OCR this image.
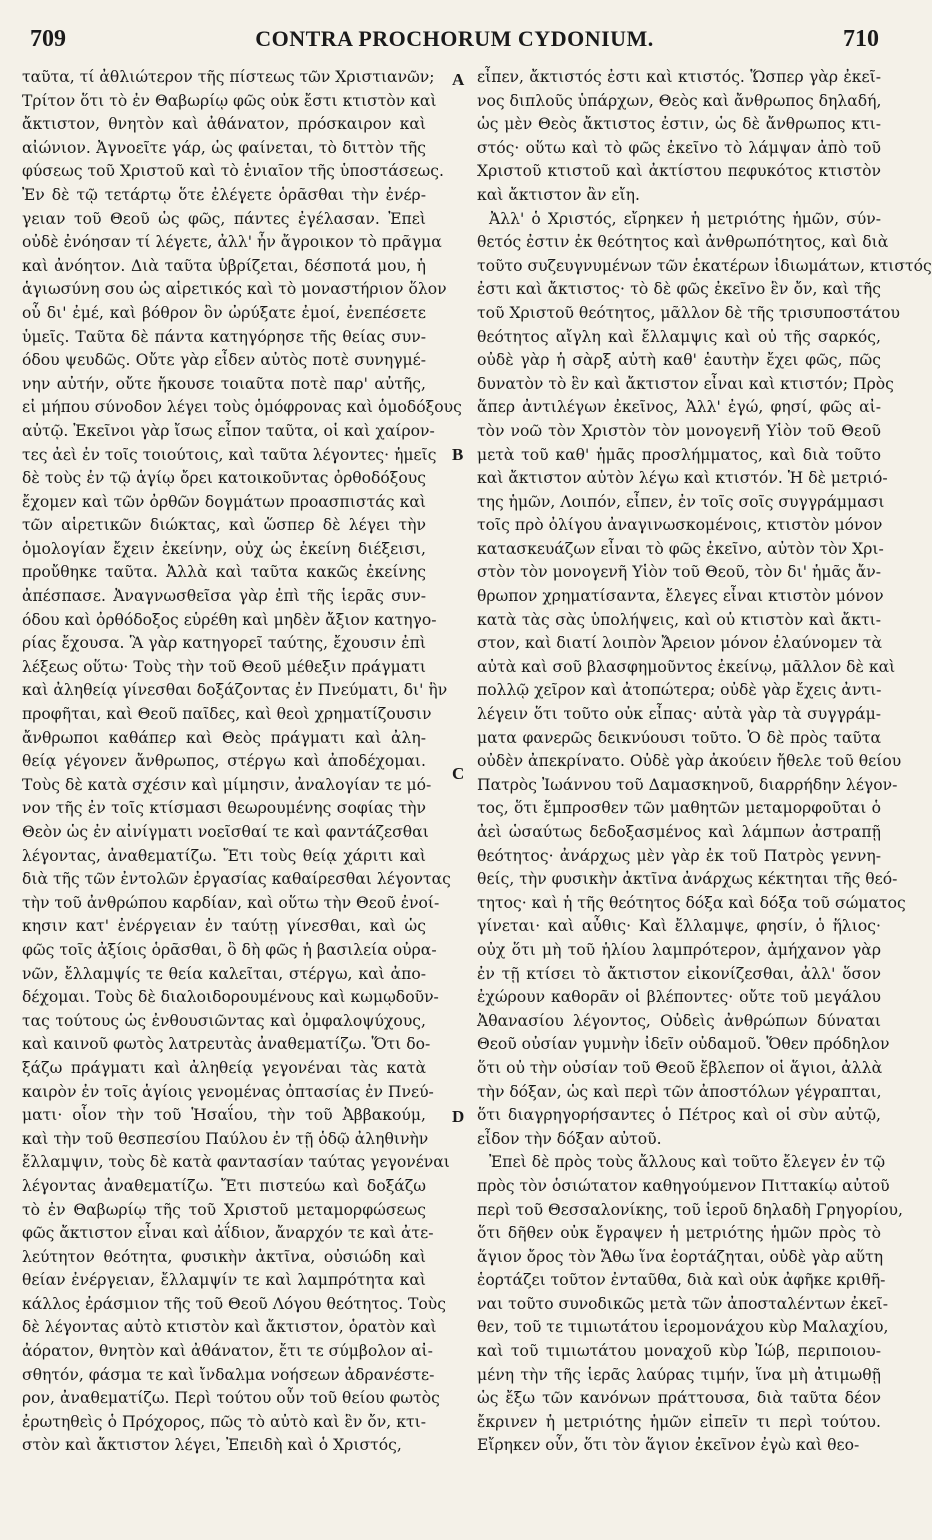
709	CONTRA PROCHORUM CYDONIUM.	710
ταῦτα, τί ἀθλιώτερον τῆς πίστεως τῶν Χριστιανῶν;
Τρίτον ὅτι τὸ ἐν Θαβωρίῳ φῶς οὐκ ἔστι κτιστὸν καὶ
ἄκτιστον, θνητὸν καὶ ἀθάνατον, πρόσκαιρον καὶ
αἰώνιον. Ἀγνοεῖτε γάρ, ὡς φαίνεται, τὸ διττὸν τῆς
φύσεως τοῦ Χριστοῦ καὶ τὸ ἑνιαῖον τῆς ὑποστάσεως.
Ἐν δὲ τῷ τετάρτῳ ὅτε ἐλέγετε ὁρᾶσθαι τὴν ἐνέρ-
γειαν τοῦ Θεοῦ ὡς φῶς, πάντες ἐγέλασαν. Ἐπεὶ
οὐδὲ ἐνόησαν τί λέγετε, ἀλλ' ἦν ἄγροικον τὸ πρᾶγμα
καὶ ἀνόητον. Διὰ ταῦτα ὑβρίζεται, δέσποτά μου, ἡ
ἁγιωσύνη σου ὡς αἱρετικός καὶ τὸ μοναστήριον ὅλον
οὗ δι' ἐμέ, καὶ βόθρον ὃν ὠρύξατε ἐμοί, ἐνεπέσετε
ὑμεῖς. Ταῦτα δὲ πάντα κατηγόρησε τῆς θείας συν-
όδου ψευδῶς. Οὔτε γὰρ εἶδεν αὐτὸς ποτὲ συνηγμέ-
νην αὐτήν, οὔτε ἤκουσε τοιαῦτα ποτὲ παρ' αὐτῆς,
εἰ μήπου σύνοδον λέγει τοὺς ὁμόφρονας καὶ ὁμοδόξους
αὐτῷ. Ἐκεῖνοι γὰρ ἴσως εἶπον ταῦτα, οἱ καὶ χαίρον-
τες ἀεὶ ἐν τοῖς τοιούτοις, καὶ ταῦτα λέγοντες· ἡμεῖς
δὲ τοὺς ἐν τῷ ἁγίῳ ὄρει κατοικοῦντας ὀρθοδόξους
ἔχομεν καὶ τῶν ὀρθῶν δογμάτων προασπιστάς καὶ
τῶν αἱρετικῶν διώκτας, καὶ ὥσπερ δὲ λέγει τὴν
ὁμολογίαν ἔχειν ἐκείνην, οὐχ ὡς ἐκείνη διέξεισι,
προὔθηκε ταῦτα. Ἀλλὰ καὶ ταῦτα κακῶς ἐκείνης
ἀπέσπασε. Ἀναγνωσθεῖσα γὰρ ἐπὶ τῆς ἱερᾶς συν-
όδου καὶ ὀρθόδοξος εὑρέθη καὶ μηδὲν ἄξιον κατηγο-
ρίας ἔχουσα. Ἃ γὰρ κατηγορεῖ ταύτης, ἔχουσιν ἐπὶ
λέξεως οὕτω· Τοὺς τὴν τοῦ Θεοῦ μέθεξιν πράγματι
καὶ ἀληθείᾳ γίνεσθαι δοξάζοντας ἐν Πνεύματι, δι' ἣν
προφῆται, καὶ Θεοῦ παῖδες, καὶ θεοὶ χρηματίζουσιν
ἄνθρωποι καθάπερ καὶ Θεὸς πράγματι καὶ ἀλη-
θείᾳ γέγονεν ἄνθρωπος, στέργω καὶ ἀποδέχομαι.
Τοὺς δὲ κατὰ σχέσιν καὶ μίμησιν, ἀναλογίαν τε μό-
νον τῆς ἐν τοῖς κτίσμασι θεωρουμένης σοφίας τὴν
Θεὸν ὡς ἐν αἰνίγματι νοεῖσθαί τε καὶ φαντάζεσθαι
λέγοντας, ἀναθεματίζω. Ἔτι τοὺς θείᾳ χάριτι καὶ
διὰ τῆς τῶν ἐντολῶν ἐργασίας καθαίρεσθαι λέγοντας
τὴν τοῦ ἀνθρώπου καρδίαν, καὶ οὕτω τὴν Θεοῦ ἐνοί-
κησιν κατ' ἐνέργειαν ἐν ταύτῃ γίνεσθαι, καὶ ὡς
φῶς τοῖς ἀξίοις ὁρᾶσθαι, ὃ δὴ φῶς ἡ βασιλεία οὐρα-
νῶν, ἔλλαμψίς τε θεία καλεῖται, στέργω, καὶ ἀπο-
δέχομαι. Τοὺς δὲ διαλοιδορουμένους καὶ κωμῳδοῦν-
τας τούτους ὡς ἐνθουσιῶντας καὶ ὀμφαλοψύχους,
καὶ καινοῦ φωτὸς λατρευτὰς ἀναθεματίζω. Ὅτι δο-
ξάζω πράγματι καὶ ἀληθείᾳ γεγονέναι τὰς κατὰ
καιρὸν ἐν τοῖς ἁγίοις γενομένας ὀπτασίας ἐν Πνεύ-
ματι· οἷον τὴν τοῦ Ἡσαΐου, τὴν τοῦ Ἀββακούμ,
καὶ τὴν τοῦ θεσπεσίου Παύλου ἐν τῇ ὁδῷ ἀληθινὴν
ἔλλαμψιν, τοὺς δὲ κατὰ φαντασίαν ταύτας γεγονέναι
λέγοντας ἀναθεματίζω. Ἔτι πιστεύω καὶ δοξάζω
τὸ ἐν Θαβωρίῳ τῆς τοῦ Χριστοῦ μεταμορφώσεως
φῶς ἄκτιστον εἶναι καὶ ἀΐδιον, ἄναρχόν τε καὶ ἀτε-
λεύτητον θεότητα, φυσικὴν ἀκτῖνα, οὐσιώδη καὶ
θείαν ἐνέργειαν, ἔλλαμψίν τε καὶ λαμπρότητα καὶ
κάλλος ἐράσμιον τῆς τοῦ Θεοῦ Λόγου θεότητος. Τοὺς
δὲ λέγοντας αὐτὸ κτιστὸν καὶ ἄκτιστον, ὁρατὸν καὶ
ἀόρατον, θνητὸν καὶ ἀθάνατον, ἔτι τε σύμβολον αἰ-
σθητόν, φάσμα τε καὶ ἴνδαλμα νοήσεων ἀδρανέστε-
ρον, ἀναθεματίζω. Περὶ τούτου οὖν τοῦ θείου φωτὸς
ἐρωτηθεὶς ὁ Πρόχορος, πῶς τὸ αὐτὸ καὶ ἓν ὄν, κτι-
στὸν καὶ ἄκτιστον λέγει, Ἐπειδὴ καὶ ὁ Χριστός,
εἶπεν, ἄκτιστός ἐστι καὶ κτιστός. Ὥσπερ γὰρ ἐκεῖ-
νος διπλοῦς ὑπάρχων, Θεὸς καὶ ἄνθρωπος δηλαδή,
ὡς μὲν Θεὸς ἄκτιστος ἐστιν, ὡς δὲ ἄνθρωπος κτι-
στός· οὕτω καὶ τὸ φῶς ἐκεῖνο τὸ λάμψαν ἀπὸ τοῦ
Χριστοῦ κτιστοῦ καὶ ἀκτίστου πεφυκότος κτιστὸν
καὶ ἄκτιστον ἂν εἴη.
Ἀλλ' ὁ Χριστός, εἴρηκεν ἡ μετριότης ἡμῶν, σύν-
θετός ἐστιν ἐκ θεότητος καὶ ἀνθρωπότητος, καὶ διὰ
τοῦτο συζευγνυμένων τῶν ἑκατέρων ἰδιωμάτων, κτιστός
ἐστι καὶ ἄκτιστος· τὸ δὲ φῶς ἐκεῖνο ἓν ὄν, καὶ τῆς
τοῦ Χριστοῦ θεότητος, μᾶλλον δὲ τῆς τρισυποστάτου
θεότητος αἴγλη καὶ ἔλλαμψις καὶ οὐ τῆς σαρκός,
οὐδὲ γὰρ ἡ σὰρξ αὐτὴ καθ' ἑαυτὴν ἔχει φῶς, πῶς
δυνατὸν τὸ ἓν καὶ ἄκτιστον εἶναι καὶ κτιστόν; Πρὸς
ἅπερ ἀντιλέγων ἐκεῖνος, Ἀλλ' ἐγώ, φησί, φῶς αἰ-
τὸν νοῶ τὸν Χριστὸν τὸν μονογενῆ Υἱὸν τοῦ Θεοῦ
μετὰ τοῦ καθ' ἡμᾶς προσλήμματος, καὶ διὰ τοῦτο
καὶ ἄκτιστον αὐτὸν λέγω καὶ κτιστόν. Ἡ δὲ μετριό-
της ἡμῶν, Λοιπόν, εἶπεν, ἐν τοῖς σοῖς συγγράμμασι
τοῖς πρὸ ὀλίγου ἀναγινωσκομένοις, κτιστὸν μόνον
κατασκευάζων εἶναι τὸ φῶς ἐκεῖνο, αὐτὸν τὸν Χρι-
στὸν τὸν μονογενῆ Υἱὸν τοῦ Θεοῦ, τὸν δι' ἡμᾶς ἄν-
θρωπον χρηματίσαντα, ἔλεγες εἶναι κτιστὸν μόνον
κατὰ τὰς σὰς ὑπολήψεις, καὶ οὐ κτιστὸν καὶ ἄκτι-
στον, καὶ διατί λοιπὸν Ἄρειον μόνον ἐλαύνομεν τὰ
αὐτὰ καὶ σοῦ βλασφημοῦντος ἐκείνῳ, μᾶλλον δὲ καὶ
πολλῷ χεῖρον καὶ ἀτοπώτερα; οὐδὲ γὰρ ἔχεις ἀντι-
λέγειν ὅτι τοῦτο οὐκ εἶπας· αὐτὰ γὰρ τὰ συγγράμ-
ματα φανερῶς δεικνύουσι τοῦτο. Ὁ δὲ πρὸς ταῦτα
οὐδὲν ἀπεκρίνατο. Οὐδὲ γὰρ ἀκούειν ἤθελε τοῦ θείου
Πατρὸς Ἰωάννου τοῦ Δαμασκηνοῦ, διαρρήδην λέγον-
τος, ὅτι ἔμπροσθεν τῶν μαθητῶν μεταμορφοῦται ὁ
ἀεὶ ὡσαύτως δεδοξασμένος καὶ λάμπων ἀστραπῇ
θεότητος· ἀνάρχως μὲν γὰρ ἐκ τοῦ Πατρὸς γεννη-
θείς, τὴν φυσικὴν ἀκτῖνα ἀνάρχως κέκτηται τῆς θεό-
τητος· καὶ ἡ τῆς θεότητος δόξα καὶ δόξα τοῦ σώματος
γίνεται· καὶ αὖθις· Καὶ ἔλλαμψε, φησίν, ὁ ἥλιος·
οὐχ ὅτι μὴ τοῦ ἡλίου λαμπρότερον, ἀμήχανον γὰρ
ἐν τῇ κτίσει τὸ ἄκτιστον εἰκονίζεσθαι, ἀλλ' ὅσον
ἐχώρουν καθορᾶν οἱ βλέποντες· οὔτε τοῦ μεγάλου
Ἀθανασίου λέγοντος, Οὐδεὶς ἀνθρώπων δύναται
Θεοῦ οὐσίαν γυμνὴν ἰδεῖν οὐδαμοῦ. Ὅθεν πρόδηλον
ὅτι οὐ τὴν οὐσίαν τοῦ Θεοῦ ἔβλεπον οἱ ἅγιοι, ἀλλὰ
τὴν δόξαν, ὡς καὶ περὶ τῶν ἀποστόλων γέγραπται,
ὅτι διαγρηγορήσαντες ὁ Πέτρος καὶ οἱ σὺν αὐτῷ,
εἶδον τὴν δόξαν αὐτοῦ.
Ἐπεὶ δὲ πρὸς τοὺς ἄλλους καὶ τοῦτο ἔλεγεν ἐν τῷ
πρὸς τὸν ὁσιώτατον καθηγούμενον Πιττακίῳ αὐτοῦ
περὶ τοῦ Θεσσαλονίκης, τοῦ ἱεροῦ δηλαδὴ Γρηγορίου,
ὅτι δῆθεν οὐκ ἔγραψεν ἡ μετριότης ἡμῶν πρὸς τὸ
ἅγιον ὄρος τὸν Ἄθω ἵνα ἑορτάζηται, οὐδὲ γὰρ αὕτη
ἑορτάζει τοῦτον ἐνταῦθα, διὰ καὶ οὐκ ἀφῆκε κριθῆ-
ναι τοῦτο συνοδικῶς μετὰ τῶν ἀποσταλέντων ἐκεῖ-
θεν, τοῦ τε τιμιωτάτου ἱερομονάχου κὺρ Μαλαχίου,
καὶ τοῦ τιμιωτάτου μοναχοῦ κὺρ Ἰώβ, περιποιου-
μένη τὴν τῆς ἱερᾶς λαύρας τιμήν, ἵνα μὴ ἀτιμωθῇ
ὡς ἔξω τῶν κανόνων πράττουσα, διὰ ταῦτα δέον
ἔκρινεν ἡ μετριότης ἡμῶν εἰπεῖν τι περὶ τούτου.
Εἴρηκεν οὖν, ὅτι τὸν ἅγιον ἐκεῖνον ἐγὼ καὶ θεο-
A
B
C
D
